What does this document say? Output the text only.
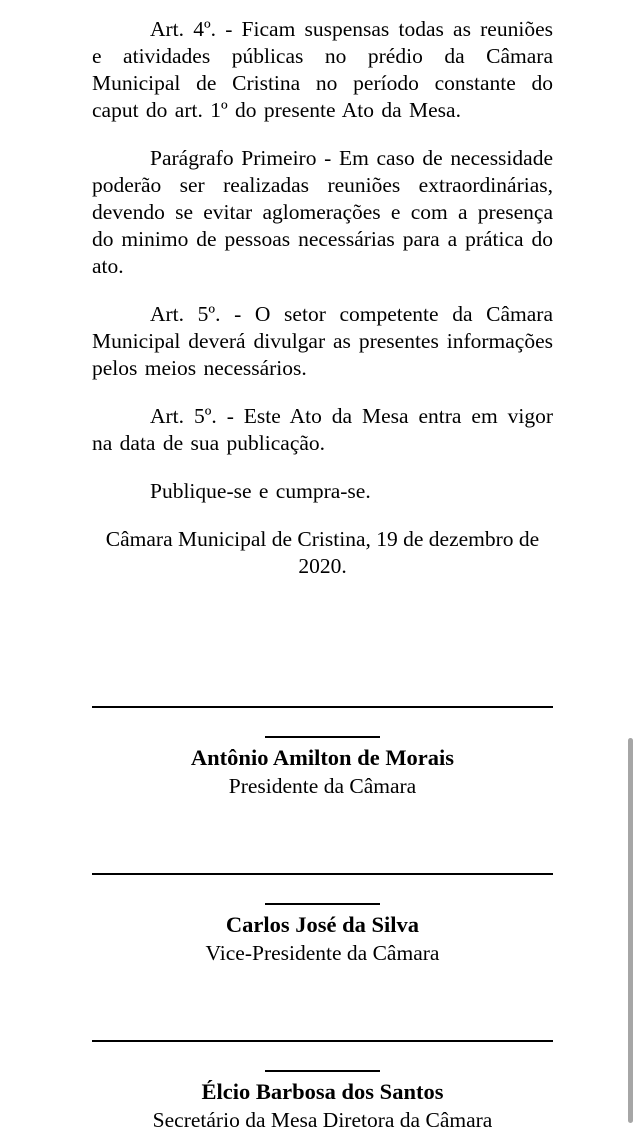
Art. 4º. - Ficam suspensas todas as reuniões e atividades públicas no prédio da Câmara Municipal de Cristina no período constante do caput do art. 1º do presente Ato da Mesa.

Parágrafo Primeiro - Em caso de necessidade poderão ser realizadas reuniões extraordinárias, devendo se evitar aglomerações e com a presença do minimo de pessoas necessárias para a prática do ato.

Art. 5º. - O setor competente da Câmara Municipal deverá divulgar as presentes informações pelos meios necessários.

Art. 5º. - Este Ato da Mesa entra em vigor na data de sua publicação.

Publique-se e cumpra-se.

Câmara Municipal de Cristina, 19 de dezembro de 2020.

Antônio Amilton de Morais
Presidente da Câmara
Carlos José da Silva
Vice-Presidente da Câmara
Élcio Barbosa dos Santos
Secretário da Mesa Diretora da Câmara
